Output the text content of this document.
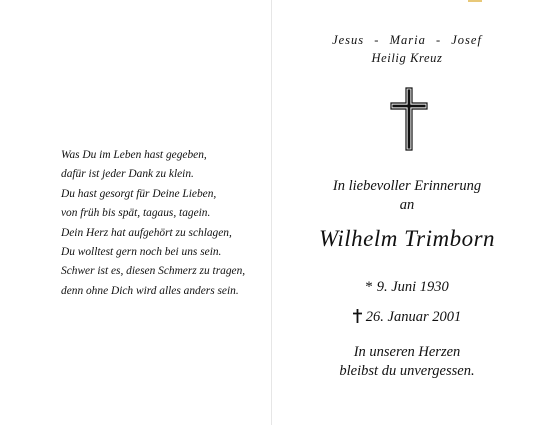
Was Du im Leben hast gegeben,
dafür ist jeder Dank zu klein.
Du hast gesorgt für Deine Lieben,
von früh bis spät, tagaus, tagein.
Dein Herz hat aufgehört zu schlagen,
Du wolltest gern noch bei uns sein.
Schwer ist es, diesen Schmerz zu tragen,
denn ohne Dich wird alles anders sein.
Jesus - Maria - Josef
Heilig Kreuz
In liebevoller Erinnerung
an
Wilhelm Trimborn
* 9. Juni 1930
26. Januar 2001
In unseren Herzen
bleibst du unvergessen.
